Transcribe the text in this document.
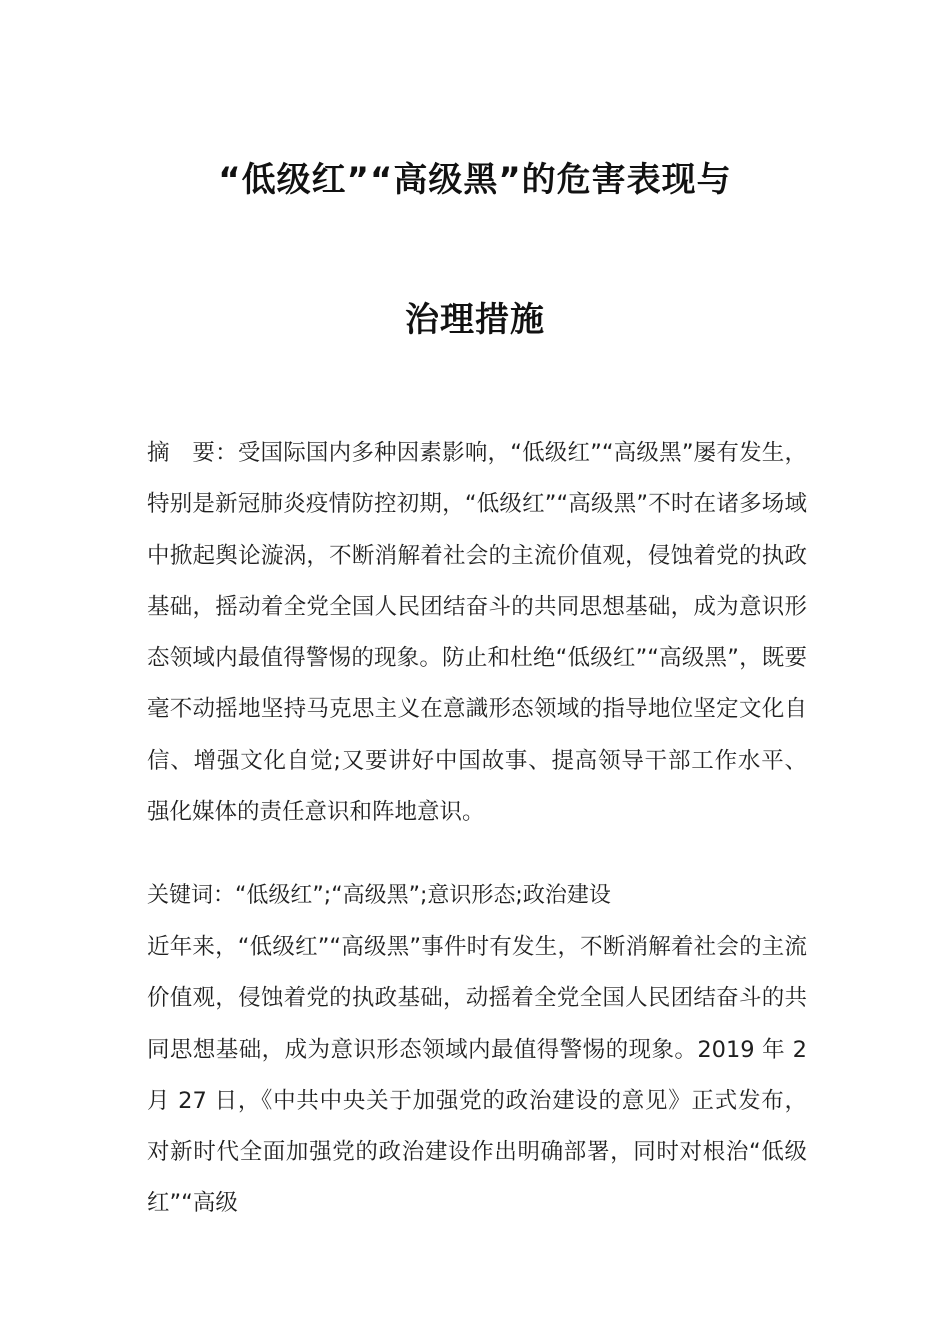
“低级红”“高级黑”的危害表现与
治理措施
摘　要：受国际国内多种因素影响，“低级红”“高级黑”屡有发生，特别是新冠肺炎疫情防控初期，“低级红”“高级黑”不时在诸多场域中掀起舆论漩涡，不断消解着社会的主流价值观，侵蚀着党的执政基础，摇动着全党全国人民团结奋斗的共同思想基础，成为意识形态领域内最值得警惕的现象。防止和杜绝“低级红”“高级黑”，既要毫不动摇地坚持马克思主义在意識形态领域的指导地位坚定文化自信、增强文化自觉;又要讲好中国故事、提高领导干部工作水平、强化媒体的责任意识和阵地意识。
关键词：“低级红”;“高级黑”;意识形态;政治建设
近年来，“低级红”“高级黑”事件时有发生，不断消解着社会的主流价值观，侵蚀着党的执政基础，动摇着全党全国人民团结奋斗的共同思想基础，成为意识形态领域内最值得警惕的现象。2019 年 2 月 27 日，《中共中央关于加强党的政治建设的意见》正式发布，对新时代全面加强党的政治建设作出明确部署，同时对根治“低级红”“高级
